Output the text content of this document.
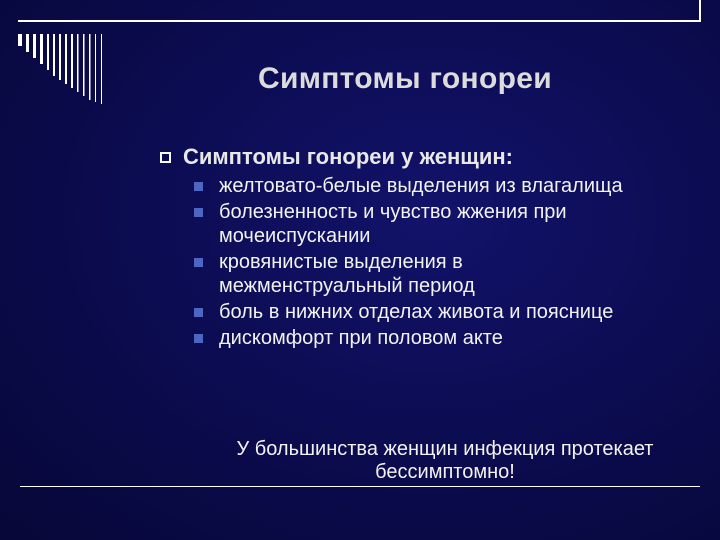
Симптомы гонореи
Симптомы гонореи у женщин:
желтовато-белые выделения из влагалища
болезненность и чувство жжения при мочеиспускании
кровянистые выделения в межменструальный период
боль в нижних отделах живота и пояснице
дискомфорт при половом акте
У большинства женщин инфекция протекает бессимптомно!
